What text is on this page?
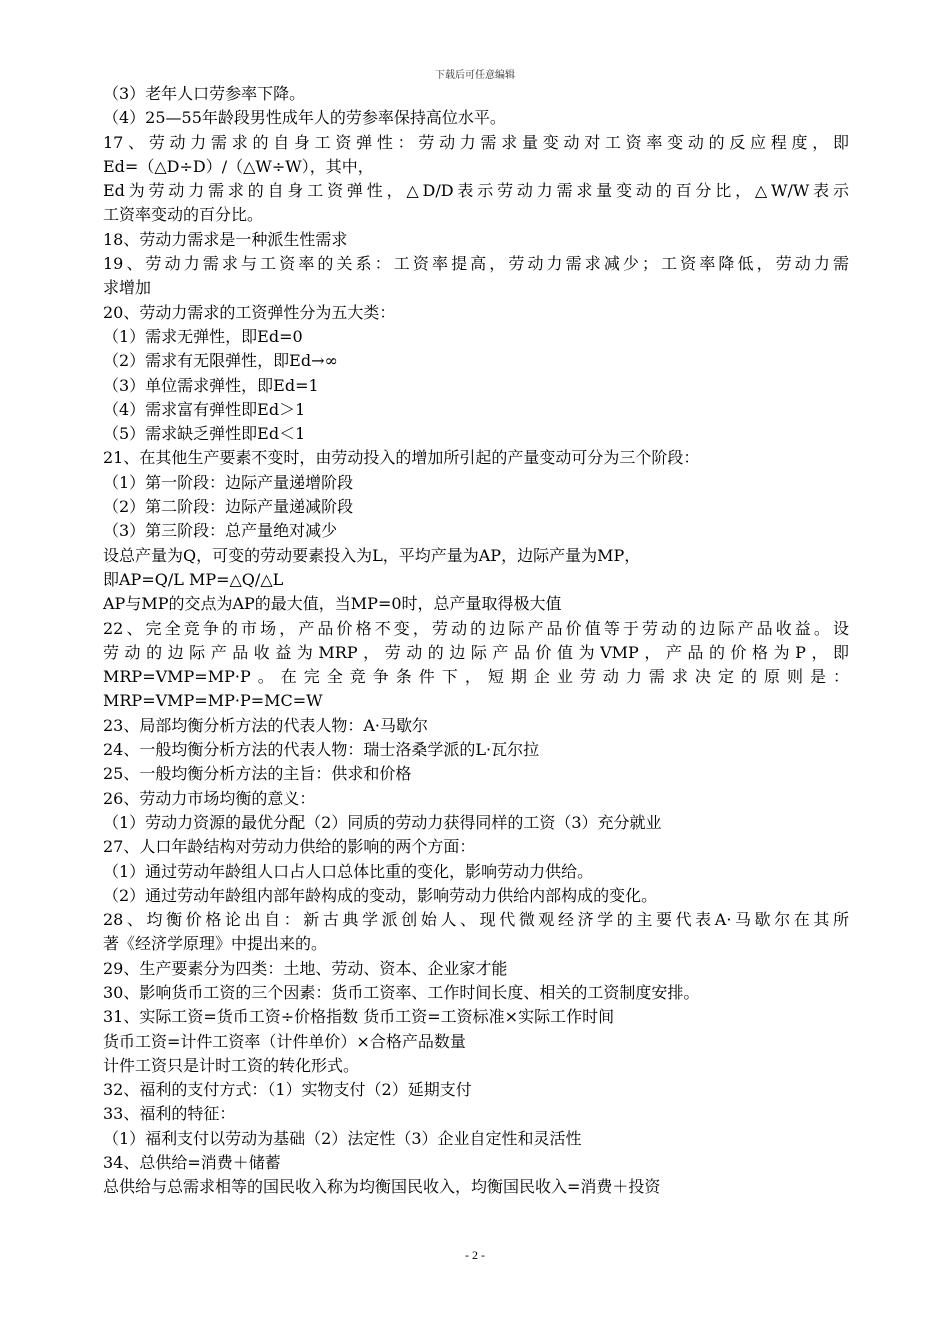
下载后可任意编辑
（3）老年人口劳参率下降。
（4）25—55年龄段男性成年人的劳参率保持高位水平。
17、劳动力需求的自身工资弹性：劳动力需求量变动对工资率变动的反应程度，即
Ed=（△D÷D）/（△W÷W），其中，
Ed为劳动力需求的自身工资弹性，△D/D表示劳动力需求量变动的百分比，△W/W表示
工资率变动的百分比。
18、劳动力需求是一种派生性需求
19、劳动力需求与工资率的关系：工资率提高，劳动力需求减少；工资率降低，劳动力需
求增加
20、劳动力需求的工资弹性分为五大类：
（1）需求无弹性，即Ed=0
（2）需求有无限弹性，即Ed→∞
（3）单位需求弹性，即Ed=1
（4）需求富有弹性即Ed＞1
（5）需求缺乏弹性即Ed＜1
21、在其他生产要素不变时，由劳动投入的增加所引起的产量变动可分为三个阶段：
（1）第一阶段：边际产量递增阶段
（2）第二阶段：边际产量递减阶段
（3）第三阶段：总产量绝对减少
设总产量为Q，可变的劳动要素投入为L，平均产量为AP，边际产量为MP，
即AP=Q/L MP=△Q/△L
AP与MP的交点为AP的最大值，当MP=0时，总产量取得极大值
22、完全竞争的市场，产品价格不变，劳动的边际产品价值等于劳动的边际产品收益。设
劳动的边际产品收益为MRP，劳动的边际产品价值为VMP，产品的价格为P，即
MRP=VMP=MP·P。在完全竞争条件下，短期企业劳动力需求决定的原则是：
MRP=VMP=MP·P=MC=W
23、局部均衡分析方法的代表人物：A·马歇尔
24、一般均衡分析方法的代表人物：瑞士洛桑学派的L·瓦尔拉
25、一般均衡分析方法的主旨：供求和价格
26、劳动力市场均衡的意义：
（1）劳动力资源的最优分配（2）同质的劳动力获得同样的工资（3）充分就业
27、人口年龄结构对劳动力供给的影响的两个方面：
（1）通过劳动年龄组人口占人口总体比重的变化，影响劳动力供给。
（2）通过劳动年龄组内部年龄构成的变动，影响劳动力供给内部构成的变化。
28、均衡价格论出自：新古典学派创始人、现代微观经济学的主要代表A·马歇尔在其所
著《经济学原理》中提出来的。
29、生产要素分为四类：土地、劳动、资本、企业家才能
30、影响货币工资的三个因素：货币工资率、工作时间长度、相关的工资制度安排。
31、实际工资=货币工资÷价格指数 货币工资=工资标准×实际工作时间
货币工资=计件工资率（计件单价）×合格产品数量
计件工资只是计时工资的转化形式。
32、福利的支付方式：（1）实物支付（2）延期支付
33、福利的特征：
（1）福利支付以劳动为基础（2）法定性（3）企业自定性和灵活性
34、总供给=消费＋储蓄
总供给与总需求相等的国民收入称为均衡国民收入，均衡国民收入=消费＋投资
- 2 -
